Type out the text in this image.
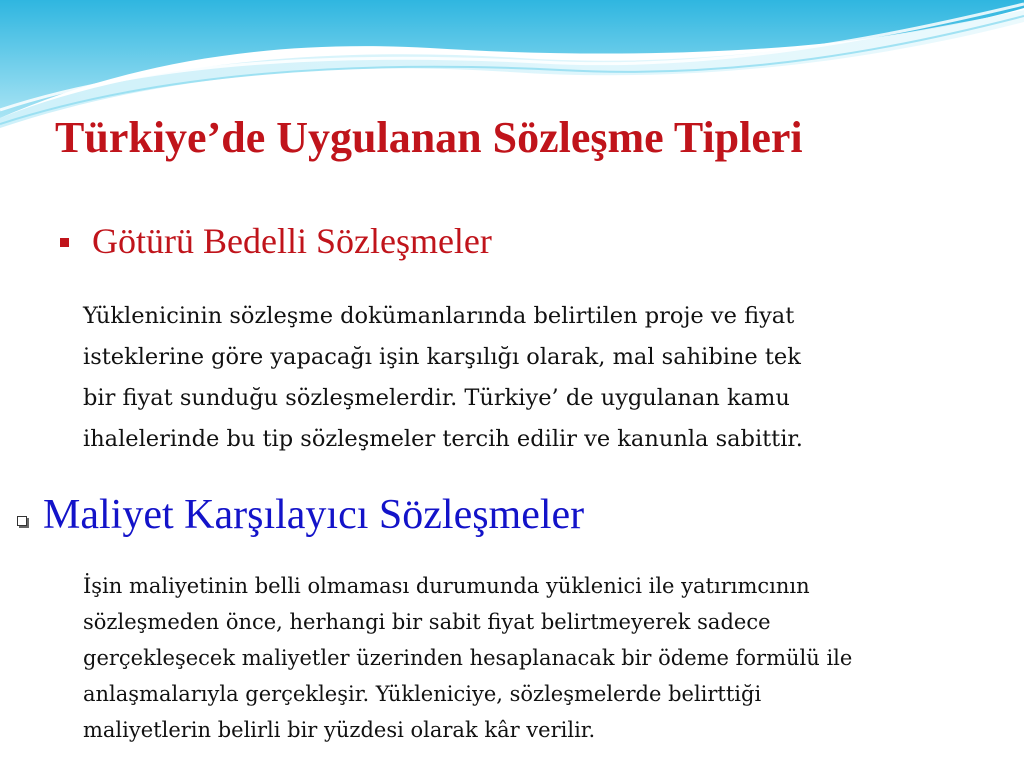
Türkiye’de Uygulanan Sözleşme Tipleri
Götürü Bedelli Sözleşmeler

Yüklenicinin sözleşme dokümanlarında belirtilen proje ve fiyat
isteklerine göre yapacağı işin karşılığı olarak, mal sahibine tek
bir fiyat sunduğu sözleşmelerdir. Türkiye’ de uygulanan kamu
ihalelerinde bu tip sözleşmeler tercih edilir ve kanunla sabittir.

Maliyet Karşılayıcı Sözleşmeler

İşin maliyetinin belli olmaması durumunda yüklenici ile yatırımcının
sözleşmeden önce, herhangi bir sabit fiyat belirtmeyerek sadece
gerçekleşecek maliyetler üzerinden hesaplanacak bir ödeme formülü ile
anlaşmalarıyla gerçekleşir. Yükleniciye, sözleşmelerde belirttiği
maliyetlerin belirli bir yüzdesi olarak kâr verilir.
